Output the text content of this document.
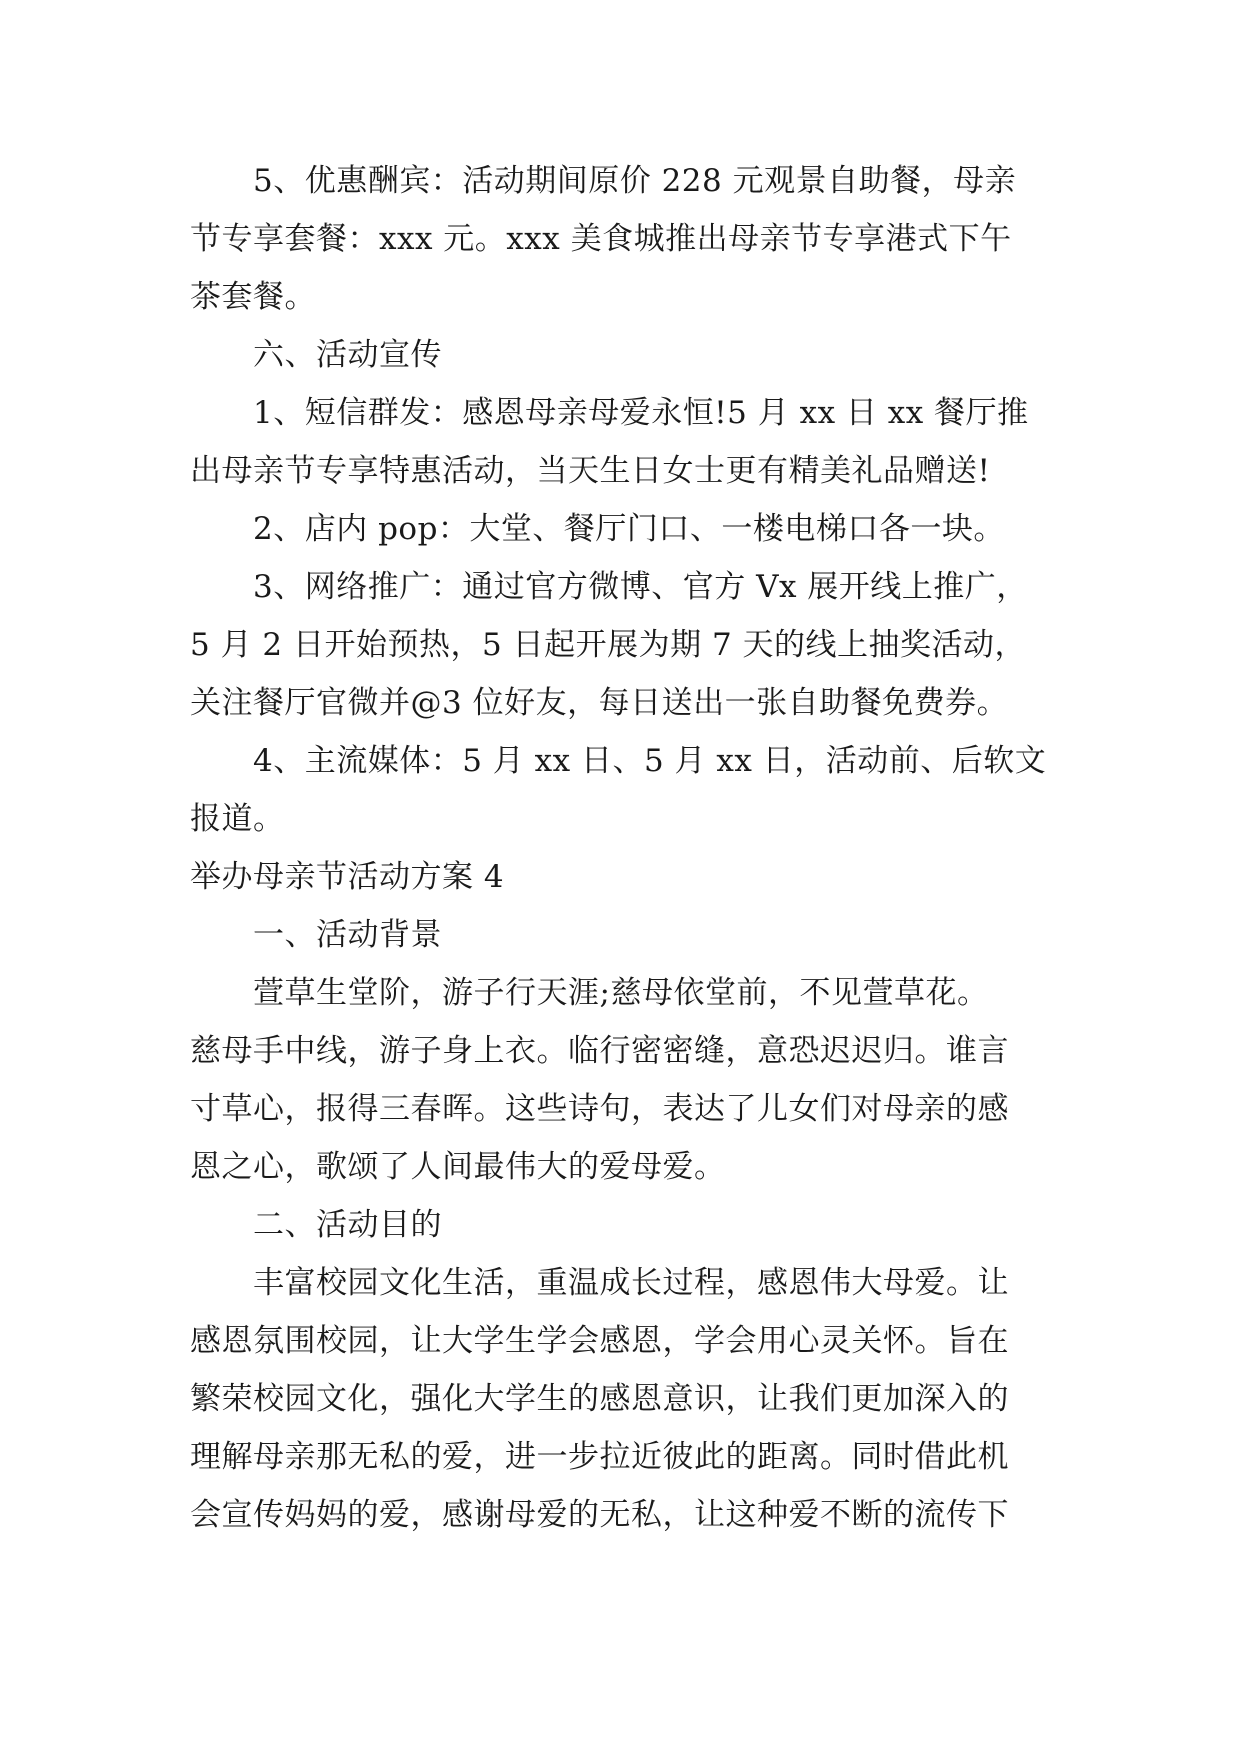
5、优惠酬宾：活动期间原价 228 元观景自助餐，母亲
节专享套餐：xxx 元。xxx 美食城推出母亲节专享港式下午
茶套餐。
六、活动宣传
1、短信群发：感恩母亲母爱永恒!5 月 xx 日 xx 餐厅推
出母亲节专享特惠活动，当天生日女士更有精美礼品赠送!
2、店内 pop：大堂、餐厅门口、一楼电梯口各一块。
3、网络推广：通过官方微博、官方 Vx 展开线上推广，
5 月 2 日开始预热，5 日起开展为期 7 天的线上抽奖活动，
关注餐厅官微并@3 位好友，每日送出一张自助餐免费券。
4、主流媒体：5 月 xx 日、5 月 xx 日，活动前、后软文
报道。
举办母亲节活动方案 4
一、活动背景
萱草生堂阶，游子行天涯;慈母依堂前，不见萱草花。
慈母手中线，游子身上衣。临行密密缝，意恐迟迟归。谁言
寸草心，报得三春晖。这些诗句，表达了儿女们对母亲的感
恩之心，歌颂了人间最伟大的爱母爱。
二、活动目的
丰富校园文化生活，重温成长过程，感恩伟大母爱。让
感恩氛围校园，让大学生学会感恩，学会用心灵关怀。旨在
繁荣校园文化，强化大学生的感恩意识，让我们更加深入的
理解母亲那无私的爱，进一步拉近彼此的距离。同时借此机
会宣传妈妈的爱，感谢母爱的无私，让这种爱不断的流传下
